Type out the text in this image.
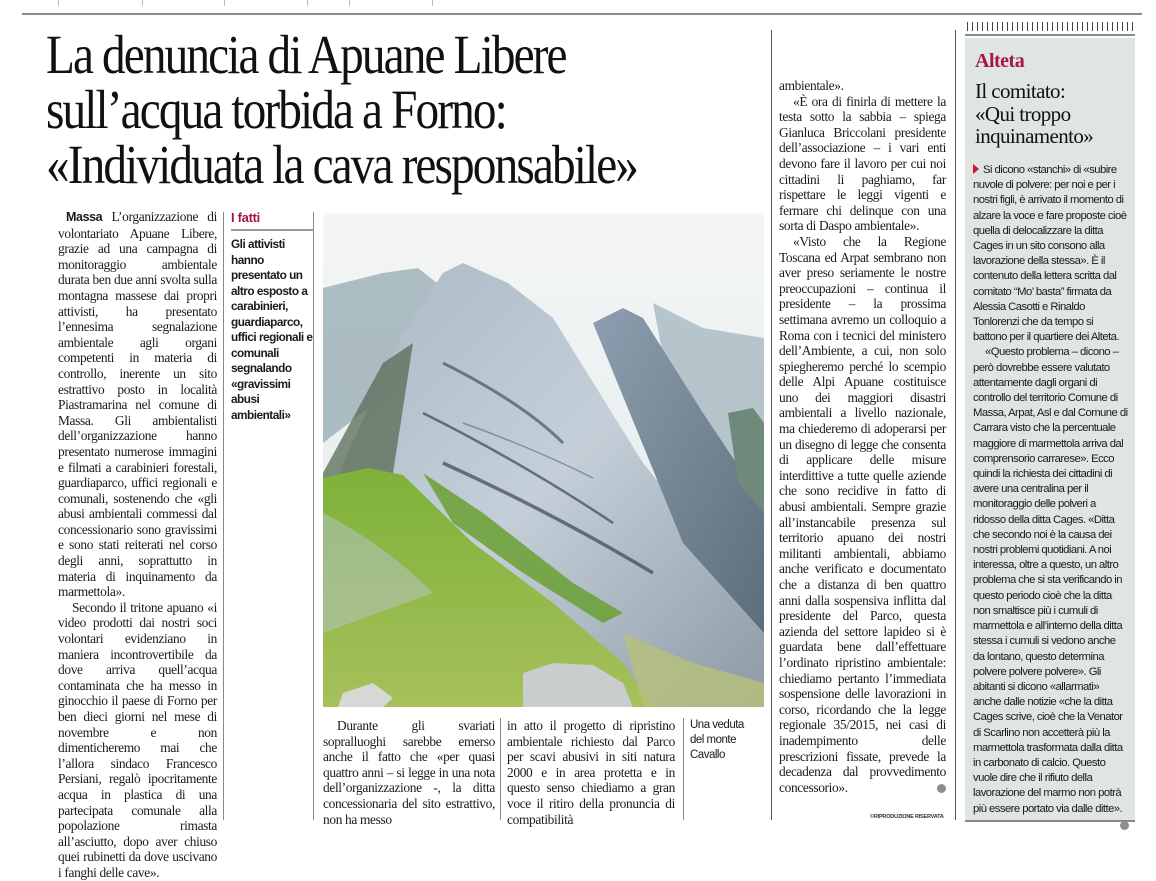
La denuncia di Apuane Libere
sull’acqua torbida a Forno:
«Individuata la cava responsabile»

Massa L’organizzazione di volontariato Apuane Libere, grazie ad una campagna di monitoraggio ambientale durata ben due anni svolta sulla montagna massese dai propri attivisti, ha presentato l’ennesima segnalazione ambientale agli organi competenti in materia di controllo, inerente un sito estrattivo posto in località Piastramarina nel comune di Massa. Gli ambientalisti dell’organizzazione hanno presentato numerose immagini e filmati a carabinieri forestali, guardiaparco, uffici regionali e comunali, sostenendo che «gli abusi ambientali commessi dal concessionario sono gravissimi e sono stati reiterati nel corso degli anni, soprattutto in materia di inquinamento da marmettola».

Secondo il tritone apuano «i video prodotti dai nostri soci volontari evidenziano in maniera incontrovertibile da dove arriva quell’acqua contaminata che ha messo in ginocchio il paese di Forno per ben dieci giorni nel mese di novembre e non dimenticheremo mai che l’allora sindaco Francesco Persiani, regalò ipocritamente acqua in plastica di una partecipata comunale alla popolazione rimasta all’asciutto, dopo aver chiuso quei rubinetti da dove uscivano i fanghi delle cave».

I fatti
Gli attivisti hanno presentato un altro esposto a carabinieri, guardiaparco, uffici regionali e comunali segnalando «gravissimi abusi ambientali»
Una veduta del monte Cavallo

Durante gli svariati sopralluoghi sarebbe emerso anche il fatto che «per quasi quattro anni – si legge in una nota dell’organizzazione -, la ditta concessionaria del sito estrattivo, non ha messo

in atto il progetto di ripristino ambientale richiesto dal Parco per scavi abusivi in siti natura 2000 e in area protetta e in questo senso chiediamo a gran voce il ritiro della pronuncia di compatibilità

ambientale».

«È ora di finirla di mettere la testa sotto la sabbia – spiega Gianluca Briccolani presidente dell’associazione – i vari enti devono fare il lavoro per cui noi cittadini li paghiamo, far rispettare le leggi vigenti e fermare chi delinque con una sorta di Daspo ambientale».

«Visto che la Regione Toscana ed Arpat sembrano non aver preso seriamente le nostre preoccupazioni – continua il presidente – la prossima settimana avremo un colloquio a Roma con i tecnici del ministero dell’Ambiente, a cui, non solo spiegheremo perché lo scempio delle Alpi Apuane costituisce uno dei maggiori disastri ambientali a livello nazionale, ma chiederemo di adoperarsi per un disegno di legge che consenta di applicare delle misure interdittive a tutte quelle aziende che sono recidive in fatto di abusi ambientali. Sempre grazie all’instancabile presenza sul territorio apuano dei nostri militanti ambientali, abbiamo anche verificato e documentato che a distanza di ben quattro anni dalla sospensiva inflitta dal presidente del Parco, questa azienda del settore lapideo si è guardata bene dall’effettuare l’ordinato ripristino ambientale: chiediamo pertanto l’immediata sospensione delle lavorazioni in corso, ricordando che la legge regionale 35/2015, nei casi di inadempimento delle prescrizioni fissate, prevede la decadenza dal provvedimento concessorio».

©RIPRODUZIONE RISERVATA
Alteta
Il comitato:
«Qui troppo
inquinamento»

Si dicono «stanchi» di «subire nuvole di polvere: per noi e per i nostri figli, è arrivato il momento di alzare la voce e fare proposte cioè quella di delocalizzare la ditta Cages in un sito consono alla lavorazione della stessa». È il contenuto della lettera scritta dal comitato “Mo’ basta” firmata da Alessia Casotti e Rinaldo Tonlorenzi che da tempo si battono per il quartiere dei Alteta.

«Questo problema – dicono – però dovrebbe essere valutato attentamente dagli organi di controllo del territorio Comune di Massa, Arpat, Asl e dal Comune di Carrara visto che la percentuale maggiore di marmettola arriva dal comprensorio carrarese». Ecco quindi la richiesta dei cittadini di avere una centralina per il monitoraggio delle polveri a ridosso della ditta Cages. «Ditta che secondo noi è la causa dei nostri problemi quotidiani. A noi interessa, oltre a questo, un altro problema che si sta verificando in questo periodo cioè che la ditta non smaltisce più i cumuli di marmettola e all’interno della ditta stessa i cumuli si vedono anche da lontano, questo determina polvere polvere polvere». Gli abitanti si dicono «allarmati» anche dalle notizie «che la ditta Cages scrive, cioè che la Venator di Scarlino non accetterà più la marmettola trasformata dalla ditta in carbonato di calcio. Questo vuole dire che il rifiuto della lavorazione del marmo non potrà più essere portato via dalle ditte».
